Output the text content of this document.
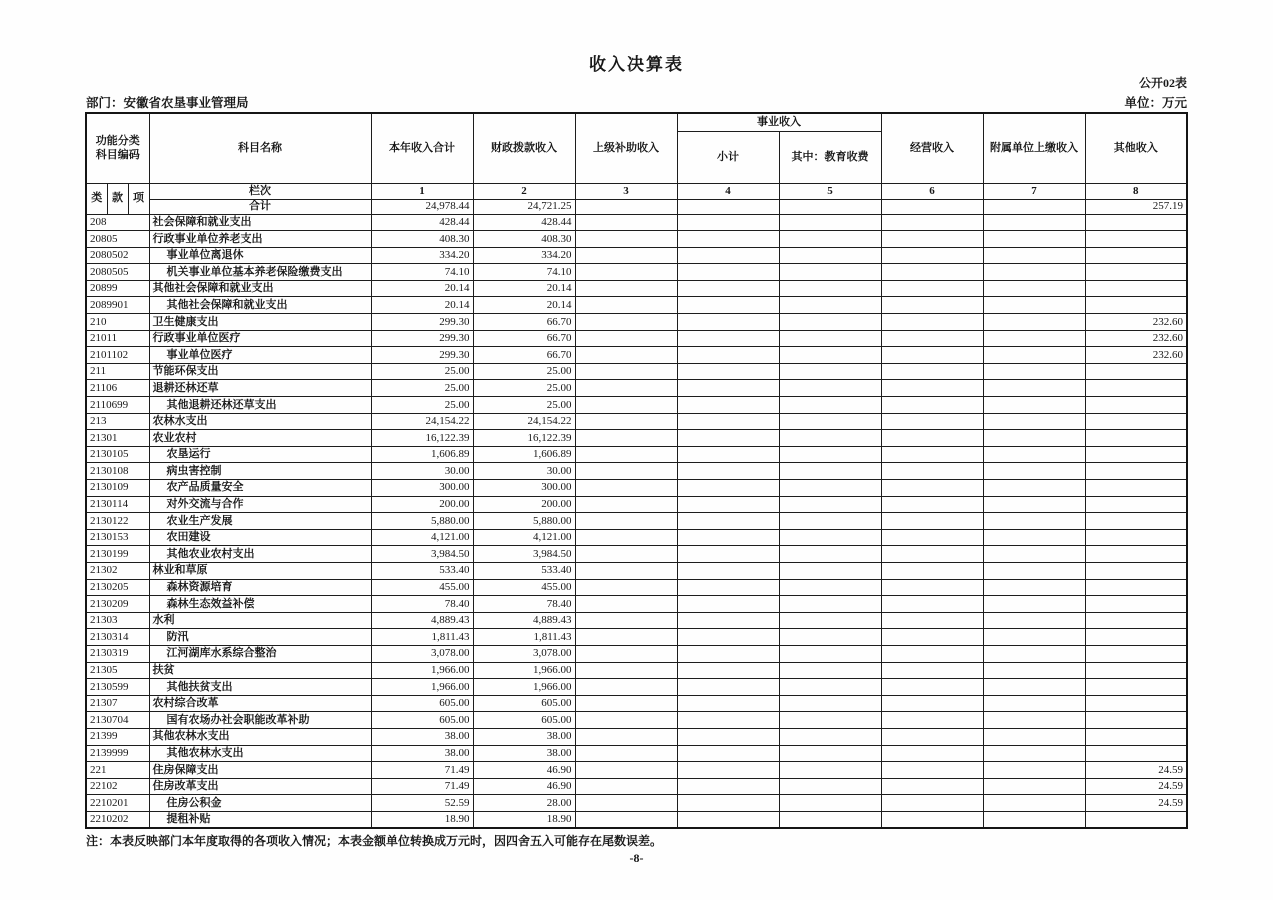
收入决算表
公开02表
部门：安徽省农垦事业管理局	单位：万元
功能分类
科目编码			科目名称	本年收入合计	财政拨款收入	上级补助收入	事业收入		经营收入	附属单位上缴收入	其他收入
							小计	其中：教育收费			
类	款	项	栏次	1	2	3	4	5	6	7	8
			合计	24,978.44	24,721.25						257.19
208			社会保障和就业支出	428.44	428.44						
20805			行政事业单位养老支出	408.30	408.30						
2080502			事业单位离退休	334.20	334.20						
2080505			机关事业单位基本养老保险缴费支出	74.10	74.10						
20899			其他社会保障和就业支出	20.14	20.14						
2089901			其他社会保障和就业支出	20.14	20.14						
210			卫生健康支出	299.30	66.70						232.60
21011			行政事业单位医疗	299.30	66.70						232.60
2101102			事业单位医疗	299.30	66.70						232.60
211			节能环保支出	25.00	25.00						
21106			退耕还林还草	25.00	25.00						
2110699			其他退耕还林还草支出	25.00	25.00						
213			农林水支出	24,154.22	24,154.22						
21301			农业农村	16,122.39	16,122.39						
2130105			农垦运行	1,606.89	1,606.89						
2130108			病虫害控制	30.00	30.00						
2130109			农产品质量安全	300.00	300.00						
2130114			对外交流与合作	200.00	200.00						
2130122			农业生产发展	5,880.00	5,880.00						
2130153			农田建设	4,121.00	4,121.00						
2130199			其他农业农村支出	3,984.50	3,984.50						
21302			林业和草原	533.40	533.40						
2130205			森林资源培育	455.00	455.00						
2130209			森林生态效益补偿	78.40	78.40						
21303			水利	4,889.43	4,889.43						
2130314			防汛	1,811.43	1,811.43						
2130319			江河湖库水系综合整治	3,078.00	3,078.00						
21305			扶贫	1,966.00	1,966.00						
2130599			其他扶贫支出	1,966.00	1,966.00						
21307			农村综合改革	605.00	605.00						
2130704			国有农场办社会职能改革补助	605.00	605.00						
21399			其他农林水支出	38.00	38.00						
2139999			其他农林水支出	38.00	38.00						
221			住房保障支出	71.49	46.90						24.59
22102			住房改革支出	71.49	46.90						24.59
2210201			住房公积金	52.59	28.00						24.59
2210202			提租补贴	18.90	18.90						
注：本表反映部门本年度取得的各项收入情况；本表金额单位转换成万元时，因四舍五入可能存在尾数误差。
-8-
